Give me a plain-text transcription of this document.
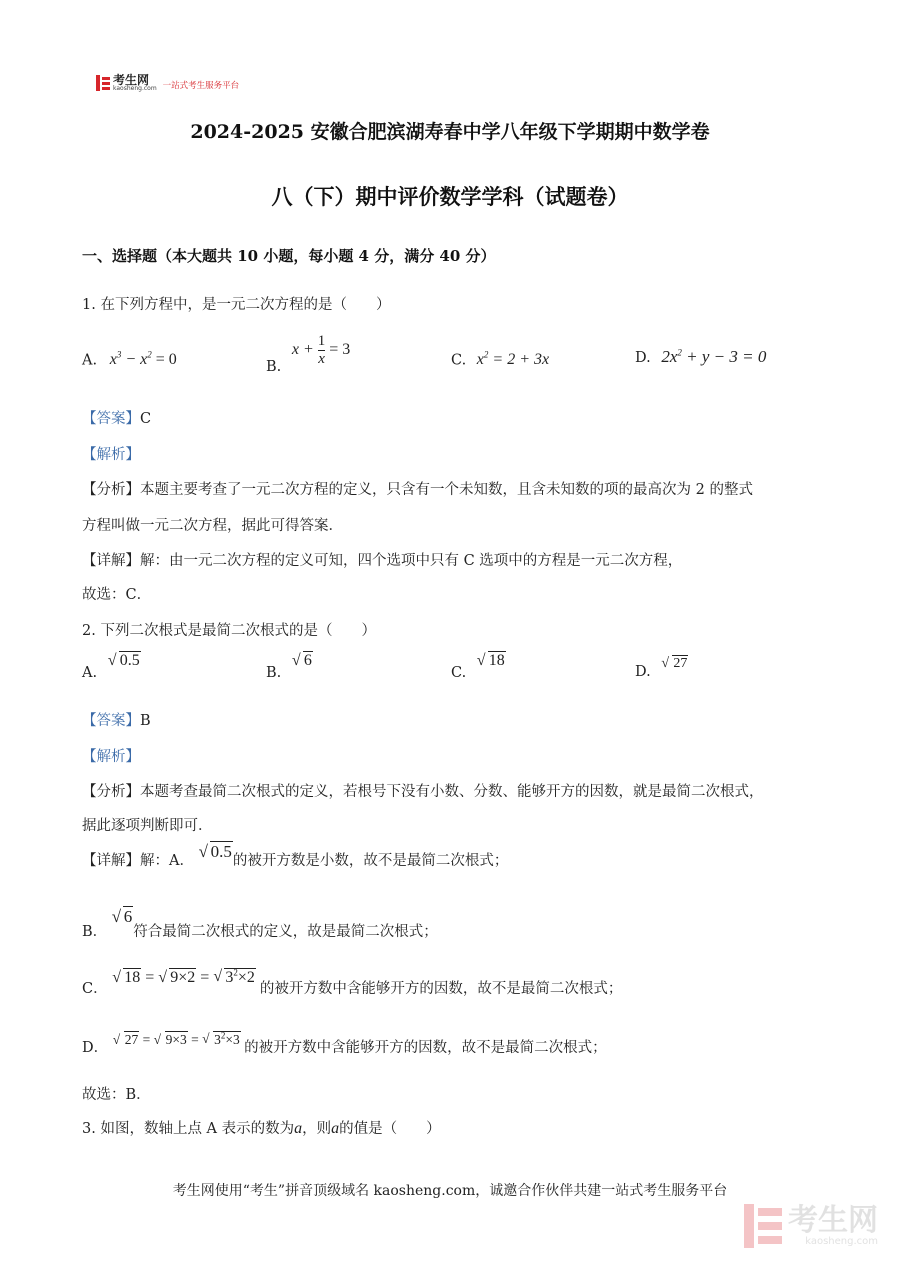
考生网
kaosheng.com 一站式考生服务平台
2024-2025 安徽合肥滨湖寿春中学八年级下学期期中数学卷
八（下）期中评价数学学科（试题卷）
一、选择题（本大题共 10 小题，每小题 4 分，满分 40 分）
1. 在下列方程中，是一元二次方程的是（　　）
A. $x^3 - x^2 = 0$	B. $x + \frac{1}{x} = 3$
C. $x^2 = 2 + 3x$	D. $2x^2 + y - 3 = 0$
【答案】C
【解析】
【分析】本题主要考查了一元二次方程的定义，只含有一个未知数，且含未知数的项的最高次为 2 的整式
方程叫做一元二次方程，据此可得答案．
【详解】解：由一元二次方程的定义可知，四个选项中只有 C 选项中的方程是一元二次方程，
故选：C．
2. 下列二次根式是最简二次根式的是（　　）
A.
√ 0.5
B.
√ 6
C.
√ 18
D.
√ 27
【答案】B
【解析】
【分析】本题考查最简二次根式的定义，若根号下没有小数、分数、能够开方的因数，就是最简二次根式，
据此逐项判断即可．
【详解】解：A． √ 0.5的被开方数是小数，故不是最简二次根式；
B．
√ 6符合最简二次根式的定义，故是最简二次根式；
C．
√ 18 = √ 9×2 = √ $3^2\times 2$ 的被开方数中含能够开方的因数，故不是最简二次根式；
D．
√ 27 = √ 9×3 = √ $3^2\times 3$ 的被开方数中含能够开方的因数，故不是最简二次根式；
故选：B．
3. 如图，数轴上点 A 表示的数为a，则a的值是（　　）
考生网使用“考生”拼音顶级域名 kaosheng.com，诚邀合作伙伴共建一站式考生服务平台
考生网
kaosheng.com
